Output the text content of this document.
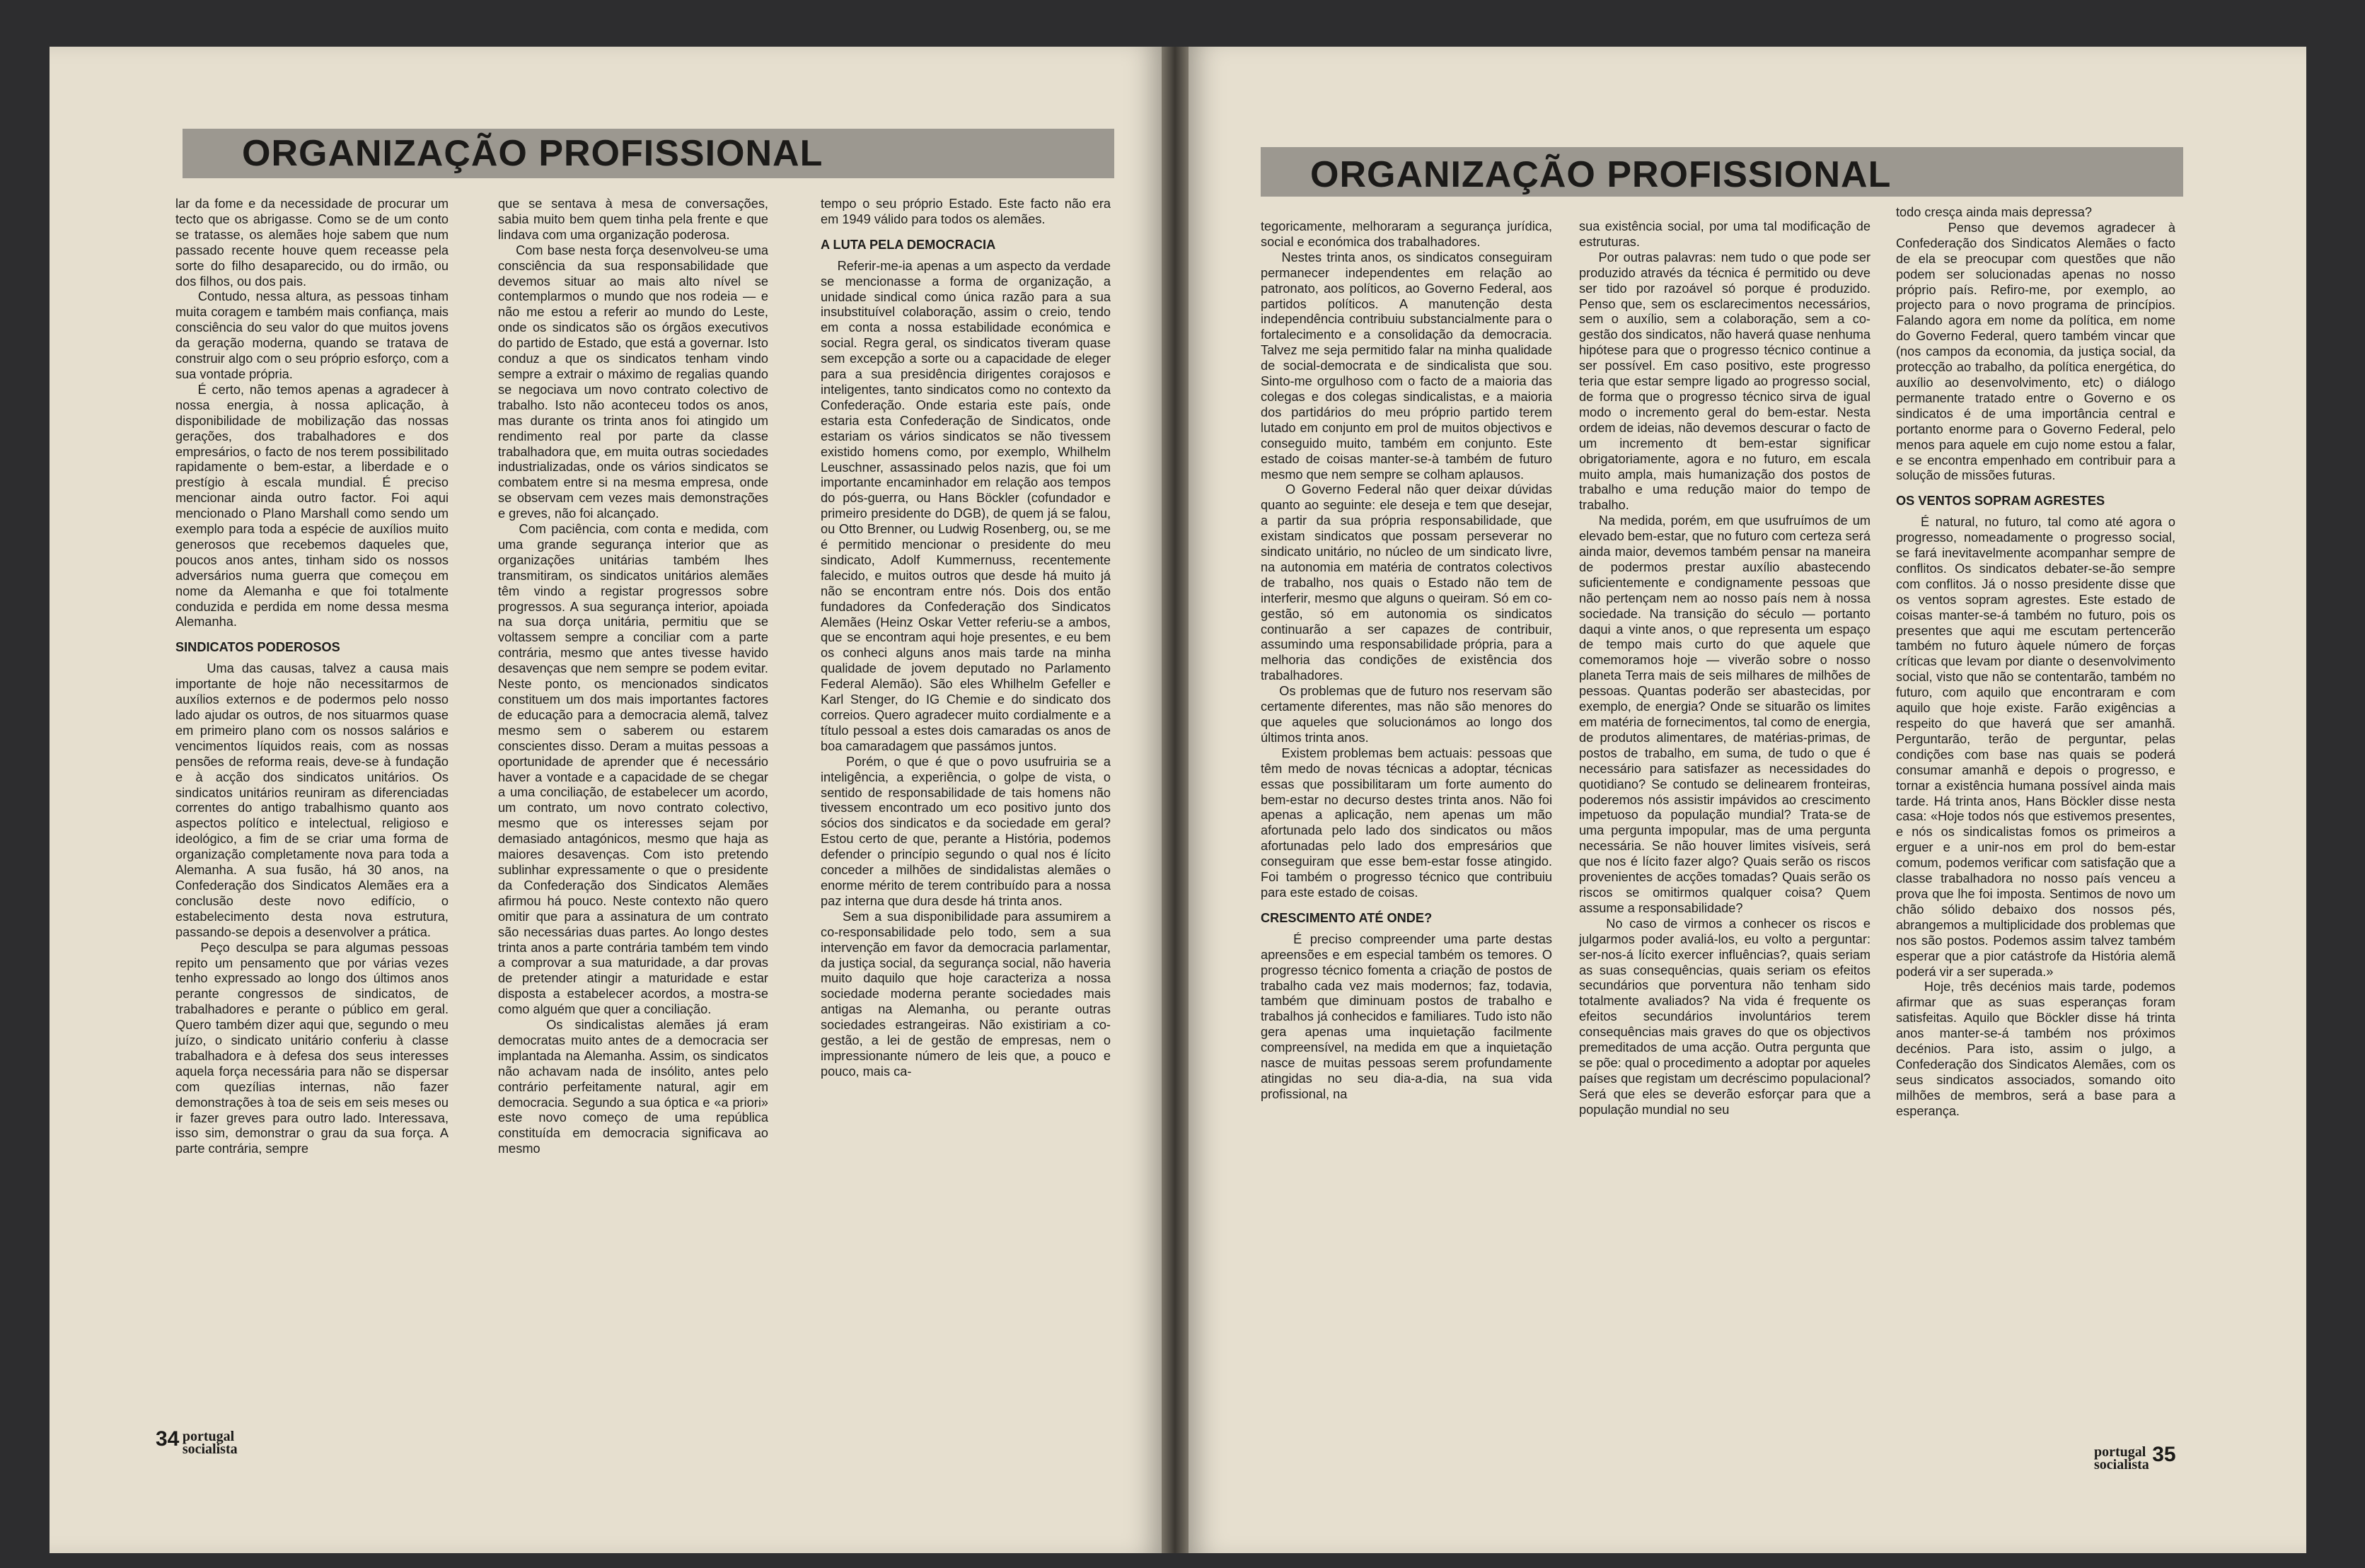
ORGANIZAÇÃO PROFISSIONAL
lar da fome e da necessidade de procurar um tecto que os abrigasse. Como se de um conto se tratasse, os alemães hoje sabem que num passado recente houve quem receasse pela sorte do filho desaparecido, ou do irmão, ou dos filhos, ou dos pais.
Contudo, nessa altura, as pessoas tinham muita coragem e também mais confiança, mais consciência do seu valor do que muitos jovens da geração moderna, quando se tratava de construir algo com o seu próprio esforço, com a sua vontade própria.
É certo, não temos apenas a agradecer à nossa energia, à nossa aplicação, à disponibilidade de mobilização das nossas gerações, dos trabalhadores e dos empresários, o facto de nos terem possibilitado rapidamente o bem-estar, a liberdade e o prestígio à escala mundial. É preciso mencionar ainda outro factor. Foi aqui mencionado o Plano Marshall como sendo um exemplo para toda a espécie de auxílios muito generosos que recebemos daqueles que, poucos anos antes, tinham sido os nossos adversários numa guerra que começou em nome da Alemanha e que foi totalmente conduzida e perdida em nome dessa mesma Alemanha.
SINDICATOS PODEROSOS
Uma das causas, talvez a causa mais importante de hoje não necessitarmos de auxílios externos e de podermos pelo nosso lado ajudar os outros, de nos situarmos quase em primeiro plano com os nossos salários e vencimentos líquidos reais, com as nossas pensões de reforma reais, deve-se à fundação e à acção dos sindicatos unitários. Os sindicatos unitários reuniram as diferenciadas correntes do antigo trabalhismo quanto aos aspectos político e intelectual, religioso e ideológico, a fim de se criar uma forma de organização completamente nova para toda a Alemanha. A sua fusão, há 30 anos, na Confederação dos Sindicatos Alemães era a conclusão deste novo edifício, o estabelecimento desta nova estrutura, passando-se depois a desenvolver a prática.
Peço desculpa se para algumas pessoas repito um pensamento que por várias vezes tenho expressado ao longo dos últimos anos perante congressos de sindicatos, de trabalhadores e perante o público em geral. Quero também dizer aqui que, segundo o meu juízo, o sindicato unitário conferiu à classe trabalhadora e à defesa dos seus interesses aquela força necessária para não se dispersar com quezílias internas, não fazer demonstrações à toa de seis em seis meses ou ir fazer greves para outro lado. Interessava, isso sim, demonstrar o grau da sua força. A parte contrária, sempre
que se sentava à mesa de conversações, sabia muito bem quem tinha pela frente e que lindava com uma organização poderosa.
Com base nesta força desenvolveu-se uma consciência da sua responsabilidade que devemos situar ao mais alto nível se contemplarmos o mundo que nos rodeia — e não me estou a referir ao mundo do Leste, onde os sindicatos são os órgãos executivos do partido de Estado, que está a governar. Isto conduz a que os sindicatos tenham vindo sempre a extrair o máximo de regalias quando se negociava um novo contrato colectivo de trabalho. Isto não aconteceu todos os anos, mas durante os trinta anos foi atingido um rendimento real por parte da classe trabalhadora que, em muita outras sociedades industrializadas, onde os vários sindicatos se combatem entre si na mesma empresa, onde se observam cem vezes mais demonstrações e greves, não foi alcançado.
Com paciência, com conta e medida, com uma grande segurança interior que as organizações unitárias também lhes transmitiram, os sindicatos unitários alemães têm vindo a registar progressos sobre progressos. A sua segurança interior, apoiada na sua dorça unitária, permitiu que se voltassem sempre a conciliar com a parte contrária, mesmo que antes tivesse havido desavenças que nem sempre se podem evitar. Neste ponto, os mencionados sindicatos constituem um dos mais importantes factores de educação para a democracia alemã, talvez mesmo sem o saberem ou estarem conscientes disso. Deram a muitas pessoas a oportunidade de aprender que é necessário haver a vontade e a capacidade de se chegar a uma conciliação, de estabelecer um acordo, um contrato, um novo contrato colectivo, mesmo que os interesses sejam por demasiado antagónicos, mesmo que haja as maiores desavenças. Com isto pretendo sublinhar expressamente o que o presidente da Confederação dos Sindicatos Alemães afirmou há pouco. Neste contexto não quero omitir que para a assinatura de um contrato são necessárias duas partes. Ao longo destes trinta anos a parte contrária também tem vindo a comprovar a sua maturidade, a dar provas de pretender atingir a maturidade e estar disposta a estabelecer acordos, a mostra-se como alguém que quer a conciliação.
Os sindicalistas alemães já eram democratas muito antes de a democracia ser implantada na Alemanha. Assim, os sindicatos não achavam nada de insólito, antes pelo contrário perfeitamente natural, agir em democracia. Segundo a sua óptica e «a priori» este novo começo de uma república constituída em democracia significava ao mesmo
tempo o seu próprio Estado. Este facto não era em 1949 válido para todos os alemães.
A LUTA PELA DEMOCRACIA
Referir-me-ia apenas a um aspecto da verdade se mencionasse a forma de organização, a unidade sindical como única razão para a sua insubstituível colaboração, assim o creio, tendo em conta a nossa estabilidade económica e social. Regra geral, os sindicatos tiveram quase sem excepção a sorte ou a capacidade de eleger para a sua presidência dirigentes corajosos e inteligentes, tanto sindicatos como no contexto da Confederação. Onde estaria este país, onde estaria esta Confederação de Sindicatos, onde estariam os vários sindicatos se não tivessem existido homens como, por exemplo, Whilhelm Leuschner, assassinado pelos nazis, que foi um importante encaminhador em relação aos tempos do pós-guerra, ou Hans Böckler (cofundador e primeiro presidente do DGB), de quem já se falou, ou Otto Brenner, ou Ludwig Rosenberg, ou, se me é permitido mencionar o presidente do meu sindicato, Adolf Kummernuss, recentemente falecido, e muitos outros que desde há muito já não se encontram entre nós. Dois dos então fundadores da Confederação dos Sindicatos Alemães (Heinz Oskar Vetter referiu-se a ambos, que se encontram aqui hoje presentes, e eu bem os conheci alguns anos mais tarde na minha qualidade de jovem deputado no Parlamento Federal Alemão). São eles Whilhelm Gefeller e Karl Stenger, do IG Chemie e do sindicato dos correios. Quero agradecer muito cordialmente e a título pessoal a estes dois camaradas os anos de boa camaradagem que passámos juntos.
Porém, o que é que o povo usufruiria se a inteligência, a experiência, o golpe de vista, o sentido de responsabilidade de tais homens não tivessem encontrado um eco positivo junto dos sócios dos sindicatos e da sociedade em geral? Estou certo de que, perante a História, podemos defender o princípio segundo o qual nos é lícito conceder a milhões de sindidalistas alemães o enorme mérito de terem contribuído para a nossa paz interna que dura desde há trinta anos.
Sem a sua disponibilidade para assumirem a co-responsabilidade pelo todo, sem a sua intervenção em favor da democracia parlamentar, da justiça social, da segurança social, não haveria muito daquilo que hoje caracteriza a nossa sociedade moderna perante sociedades mais antigas na Alemanha, ou perante outras sociedades estrangeiras. Não existiriam a co-gestão, a lei de gestão de empresas, nem o impressionante número de leis que, a pouco e pouco, mais ca-
34 portugal
socialista
ORGANIZAÇÃO PROFISSIONAL
tegoricamente, melhoraram a segurança jurídica, social e económica dos trabalhadores.
Nestes trinta anos, os sindicatos conseguiram permanecer independentes em relação ao patronato, aos políticos, ao Governo Federal, aos partidos políticos. A manutenção desta independência contribuiu substancialmente para o fortalecimento e a consolidação da democracia. Talvez me seja permitido falar na minha qualidade de social-democrata e de sindicalista que sou. Sinto-me orgulhoso com o facto de a maioria das colegas e dos colegas sindicalistas, e a maioria dos partidários do meu próprio partido terem lutado em conjunto em prol de muitos objectivos e conseguido muito, também em conjunto. Este estado de coisas manter-se-à também de futuro mesmo que nem sempre se colham aplausos.
O Governo Federal não quer deixar dúvidas quanto ao seguinte: ele deseja e tem que desejar, a partir da sua própria responsabilidade, que existam sindicatos que possam perseverar no sindicato unitário, no núcleo de um sindicato livre, na autonomia em matéria de contratos colectivos de trabalho, nos quais o Estado não tem de interferir, mesmo que alguns o queiram. Só em co-gestão, só em autonomia os sindicatos continuarão a ser capazes de contribuir, assumindo uma responsabilidade própria, para a melhoria das condições de existência dos trabalhadores.
Os problemas que de futuro nos reservam são certamente diferentes, mas não são menores do que aqueles que solucionámos ao longo dos últimos trinta anos.
Existem problemas bem actuais: pessoas que têm medo de novas técnicas a adoptar, técnicas essas que possibilitaram um forte aumento do bem-estar no decurso destes trinta anos. Não foi apenas a aplicação, nem apenas um mão afortunada pelo lado dos sindicatos ou mãos afortunadas pelo lado dos empresários que conseguiram que esse bem-estar fosse atingido. Foi também o progresso técnico que contribuiu para este estado de coisas.
CRESCIMENTO ATÉ ONDE?
É preciso compreender uma parte destas apreensões e em especial também os temores. O progresso técnico fomenta a criação de postos de trabalho cada vez mais modernos; faz, todavia, também que diminuam postos de trabalho e trabalhos já conhecidos e familiares. Tudo isto não gera apenas uma inquietação facilmente compreensível, na medida em que a inquietação nasce de muitas pessoas serem profundamente atingidas no seu dia-a-dia, na sua vida profissional, na
sua existência social, por uma tal modificação de estruturas.
Por outras palavras: nem tudo o que pode ser produzido através da técnica é permitido ou deve ser tido por razoável só porque é produzido. Penso que, sem os esclarecimentos necessários, sem o auxílio, sem a colaboração, sem a co-gestão dos sindicatos, não haverá quase nenhuma hipótese para que o progresso técnico continue a ser possível. Em caso positivo, este progresso teria que estar sempre ligado ao progresso social, de forma que o progresso técnico sirva de igual modo o incremento geral do bem-estar. Nesta ordem de ideias, não devemos descurar o facto de um incremento dt bem-estar significar obrigatoriamente, agora e no futuro, em escala muito ampla, mais humanização dos postos de trabalho e uma redução maior do tempo de trabalho.
Na medida, porém, em que usufruímos de um elevado bem-estar, que no futuro com certeza será ainda maior, devemos também pensar na maneira de podermos prestar auxílio abastecendo suficientemente e condignamente pessoas que não pertençam nem ao nosso país nem à nossa sociedade. Na transição do século — portanto daqui a vinte anos, o que representa um espaço de tempo mais curto do que aquele que comemoramos hoje — viverão sobre o nosso planeta Terra mais de seis milhares de milhões de pessoas. Quantas poderão ser abastecidas, por exemplo, de energia? Onde se situarão os limites em matéria de fornecimentos, tal como de energia, de produtos alimentares, de matérias-primas, de postos de trabalho, em suma, de tudo o que é necessário para satisfazer as necessidades do quotidiano? Se contudo se delinearem fronteiras, poderemos nós assistir impávidos ao crescimento impetuoso da população mundial? Trata-se de uma pergunta impopular, mas de uma pergunta necessária. Se não houver limites visíveis, será que nos é lícito fazer algo? Quais serão os riscos provenientes de acções tomadas? Quais serão os riscos se omitirmos qualquer coisa? Quem assume a responsabilidade?
No caso de virmos a conhecer os riscos e julgarmos poder avaliá-los, eu volto a perguntar: ser-nos-á lícito exercer influências?, quais seriam as suas consequências, quais seriam os efeitos secundários que porventura não tenham sido totalmente avaliados? Na vida é frequente os efeitos secundários involuntários terem consequências mais graves do que os objectivos premeditados de uma acção. Outra pergunta que se põe: qual o procedimento a adoptar por aqueles países que registam um decréscimo populacional? Será que eles se deverão esforçar para que a população mundial no seu
todo cresça ainda mais depressa?
Penso que devemos agradecer à Confederação dos Sindicatos Alemães o facto de ela se preocupar com questões que não podem ser solucionadas apenas no nosso próprio país. Refiro-me, por exemplo, ao projecto para o novo programa de princípios. Falando agora em nome da política, em nome do Governo Federal, quero também vincar que (nos campos da economia, da justiça social, da protecção ao trabalho, da política energética, do auxílio ao desenvolvimento, etc) o diálogo permanente tratado entre o Governo e os sindicatos é de uma importância central e portanto enorme para o Governo Federal, pelo menos para aquele em cujo nome estou a falar, e se encontra empenhado em contribuir para a solução de missões futuras.
OS VENTOS SOPRAM AGRESTES
É natural, no futuro, tal como até agora o progresso, nomeadamente o progresso social, se fará inevitavelmente acompanhar sempre de conflitos. Os sindicatos debater-se-ão sempre com conflitos. Já o nosso presidente disse que os ventos sopram agrestes. Este estado de coisas manter-se-á também no futuro, pois os presentes que aqui me escutam pertencerão também no futuro àquele número de forças críticas que levam por diante o desenvolvimento social, visto que não se contentarão, também no futuro, com aquilo que encontraram e com aquilo que hoje existe. Farão exigências a respeito do que haverá que ser amanhã. Perguntarão, terão de perguntar, pelas condições com base nas quais se poderá consumar amanhã e depois o progresso, e tornar a existência humana possível ainda mais tarde. Há trinta anos, Hans Böckler disse nesta casa: «Hoje todos nós que estivemos presentes, e nós os sindicalistas fomos os primeiros a erguer e a unir-nos em prol do bem-estar comum, podemos verificar com satisfação que a classe trabalhadora no nosso país venceu a prova que lhe foi imposta. Sentimos de novo um chão sólido debaixo dos nossos pés, abrangemos a multiplicidade dos problemas que nos são postos. Podemos assim talvez também esperar que a pior catástrofe da História alemã poderá vir a ser superada.»
Hoje, três decénios mais tarde, podemos afirmar que as suas esperanças foram satisfeitas. Aquilo que Böckler disse há trinta anos manter-se-á também nos próximos decénios. Para isto, assim o julgo, a Confederação dos Sindicatos Alemães, com os seus sindicatos associados, somando oito milhões de membros, será a base para a esperança.
portugal
socialista 35
